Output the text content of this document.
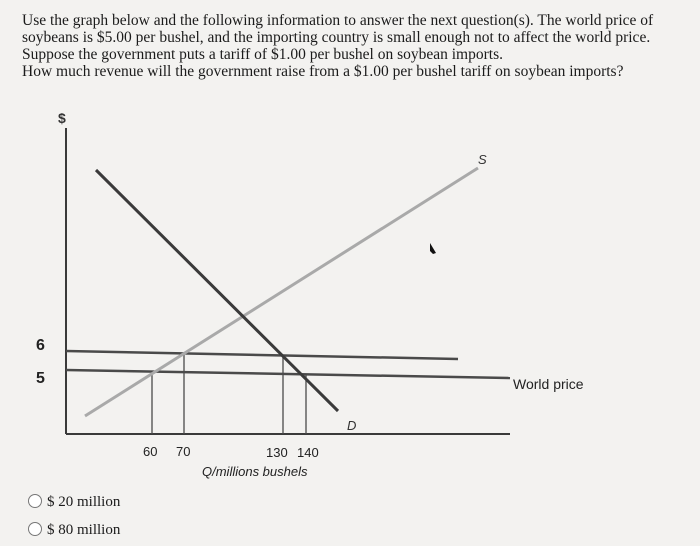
Use the graph below and the following information to answer the next question(s). The world price of

soybeans is $5.00 per bushel, and the importing country is small enough not to affect the world price.

Suppose the government puts a tariff of $1.00 per bushel on soybean imports.

How much revenue will the government raise from a $1.00 per bushel tariff on soybean imports?

$
S
D
World price
6
5
60 70	130 140
Q/millions bushels
$ 20 million
$ 80 million
